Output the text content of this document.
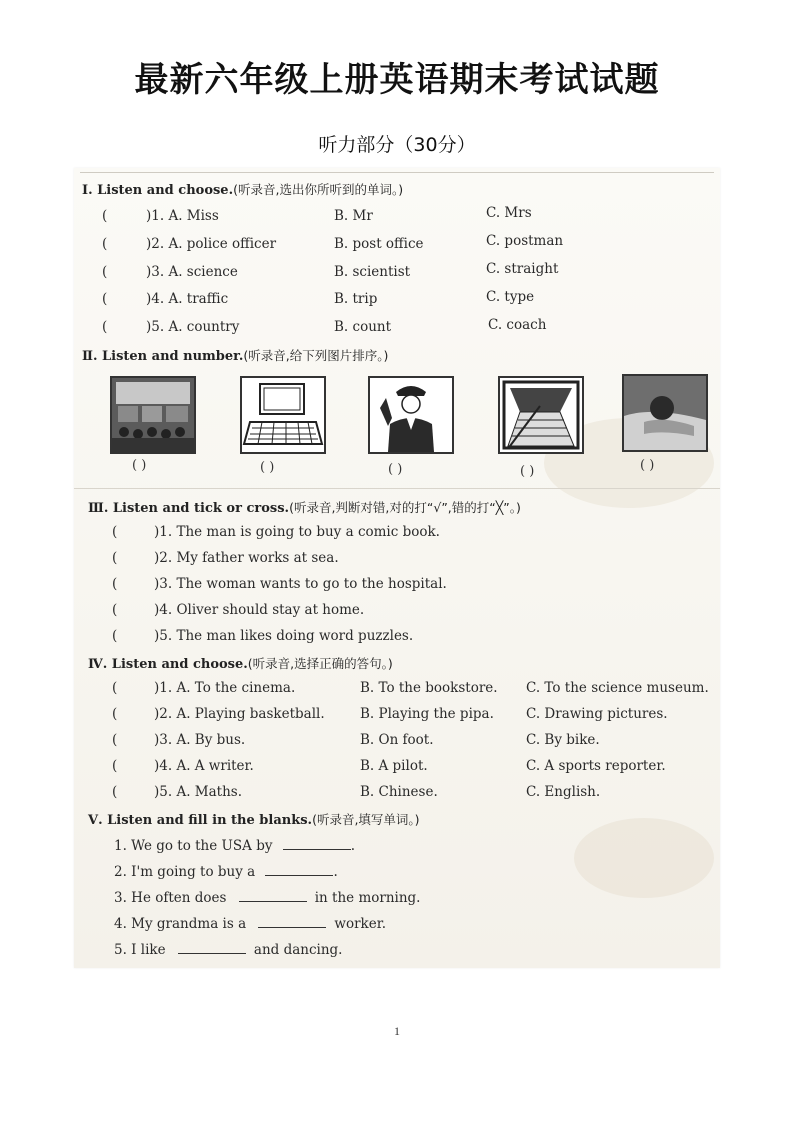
最新六年级上册英语期末考试试题
听力部分（30分）
Ⅰ. Listen and choose.(听录音,选出你所听到的单词。)
(	)1. A. Miss	B. Mr	C. Mrs
(	)2. A. police officer	B. post office	C. postman
(	)3. A. science	B. scientist	C. straight
(	)4. A. traffic	B. trip	C. type
(	)5. A. country	B. count	C. coach
Ⅱ. Listen and number.(听录音,给下列图片排序。)
( )	( )	( )	( )	( )
Ⅲ. Listen and tick or cross.(听录音,判断对错,对的打“√”,错的打“╳”。)
(	)1. The man is going to buy a comic book.
(	)2. My father works at sea.
(	)3. The woman wants to go to the hospital.
(	)4. Oliver should stay at home.
(	)5. The man likes doing word puzzles.
Ⅳ. Listen and choose.(听录音,选择正确的答句。)
(	)1. A. To the cinema.	B. To the bookstore. C. To the science museum.
(	)2. A. Playing basketball.	B. Playing the pipa. C. Drawing pictures.
(	)3. A. By bus.	B. On foot.	C. By bike.
(	)4. A. A writer.	B. A pilot.	C. A sports reporter.
(	)5. A. Maths.	B. Chinese.	C. English.
Ⅴ. Listen and fill in the blanks.(听录音,填写单词。)
1. We go to the USA by	.
2. I'm going to buy a	.
3. He often does	in the morning.
4. My grandma is a	worker.
5. I like	and dancing.
1
